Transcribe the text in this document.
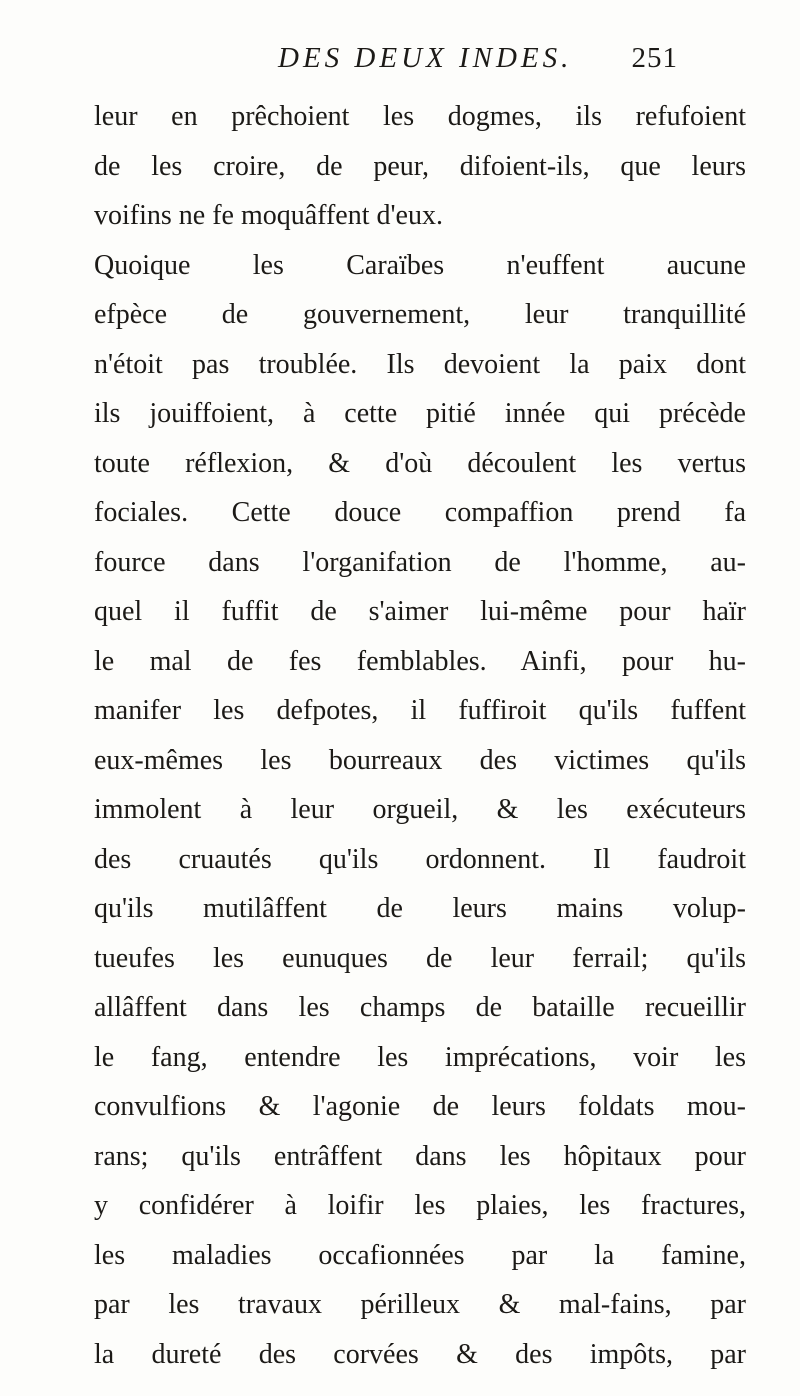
DES DEUX INDES. 251
leur en prêchoient les dogmes, ils refufoient
de les croire, de peur, difoient-ils, que leurs
voifins ne fe moquâffent d'eux.
Quoique les Caraïbes n'euffent aucune
efpèce de gouvernement, leur tranquillité
n'étoit pas troublée. Ils devoient la paix dont
ils jouiffoient, à cette pitié innée qui précède
toute réflexion, & d'où découlent les vertus
fociales. Cette douce compaffion prend fa
fource dans l'organifation de l'homme, au-
quel il fuffit de s'aimer lui-même pour haïr
le mal de fes femblables. Ainfi, pour hu-
manifer les defpotes, il fuffiroit qu'ils fuffent
eux-mêmes les bourreaux des victimes qu'ils
immolent à leur orgueil, & les exécuteurs
des cruautés qu'ils ordonnent. Il faudroit
qu'ils mutilâffent de leurs mains volup-
tueufes les eunuques de leur ferrail; qu'ils
allâffent dans les champs de bataille recueillir
le fang, entendre les imprécations, voir les
convulfions & l'agonie de leurs foldats mou-
rans; qu'ils entrâffent dans les hôpitaux pour
y confidérer à loifir les plaies, les fractures,
les maladies occafionnées par la famine,
par les travaux périlleux & mal-fains, par
la dureté des corvées & des impôts, par
